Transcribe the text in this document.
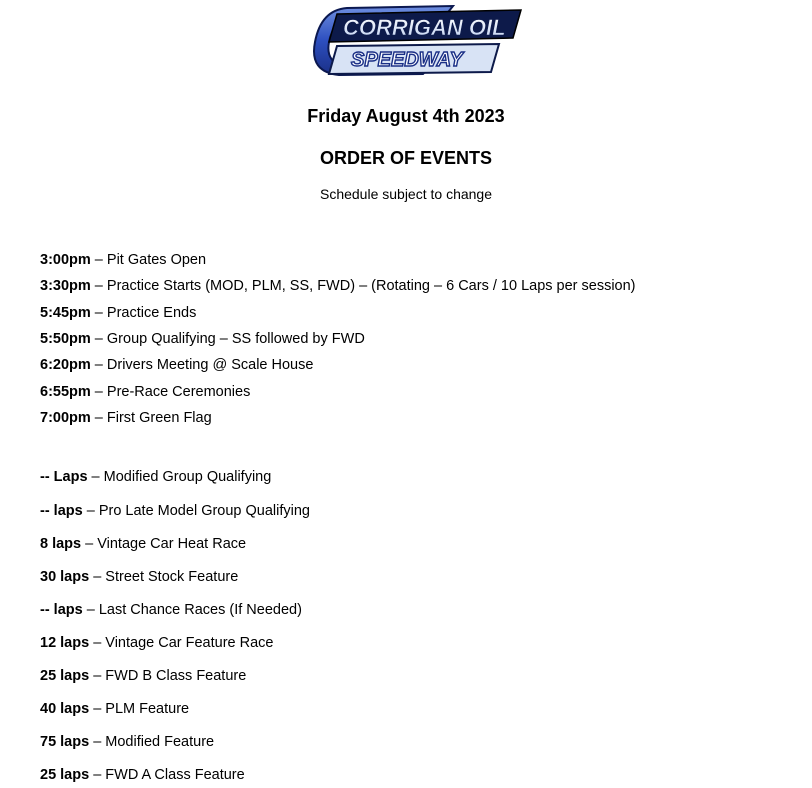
CORRIGAN OIL
SPEEDWAY
Friday August 4th 2023
ORDER OF EVENTS
Schedule subject to change
3:00pm – Pit Gates Open
3:30pm – Practice Starts (MOD, PLM, SS, FWD) – (Rotating – 6 Cars / 10 Laps per session)
5:45pm – Practice Ends
5:50pm – Group Qualifying – SS followed by FWD
6:20pm – Drivers Meeting @ Scale House
6:55pm – Pre-Race Ceremonies
7:00pm – First Green Flag
-- Laps – Modified Group Qualifying
-- laps – Pro Late Model Group Qualifying
8 laps – Vintage Car Heat Race
30 laps – Street Stock Feature
-- laps – Last Chance Races (If Needed)
12 laps – Vintage Car Feature Race
25 laps – FWD B Class Feature
40 laps – PLM Feature
75 laps – Modified Feature
25 laps – FWD A Class Feature
